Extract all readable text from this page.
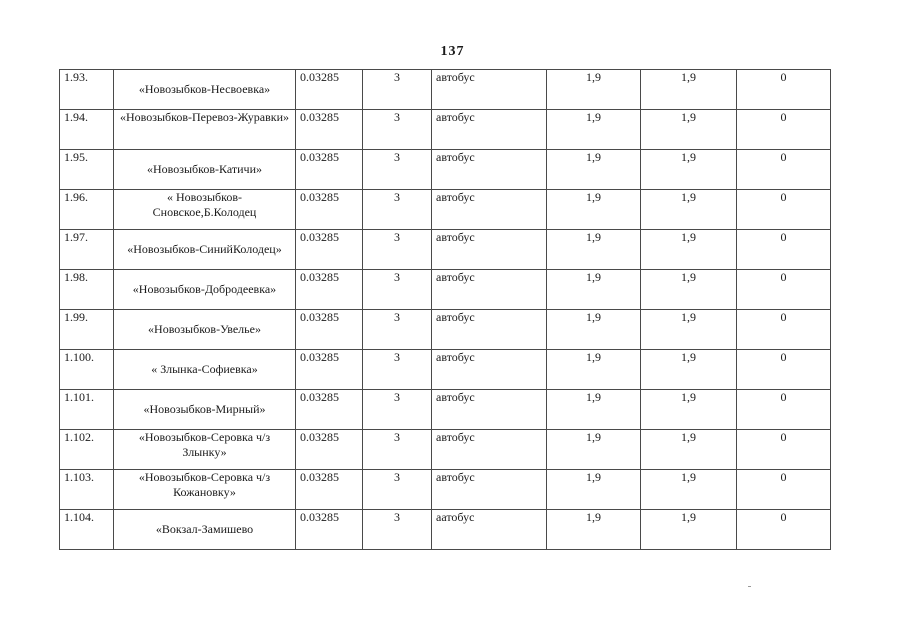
137
1.93.	«Новозыбков-Несвоевка»	0.03285	3	автобус	1,9	1,9	0
1.94.	«Новозыбков-Перевоз-Журавки»	0.03285	3	автобус	1,9	1,9	0
1.95.	«Новозыбков-Катичи»	0.03285	3	автобус	1,9	1,9	0
1.96.	« Новозыбков-Сновское,Б.Колодец	0.03285	3	автобус	1,9	1,9	0
1.97.	«Новозыбков-СинийКолодец»	0.03285	3	автобус	1,9	1,9	0
1.98.	«Новозыбков-Добродеевка»	0.03285	3	автобус	1,9	1,9	0
1.99.	«Новозыбков-Увелье»	0.03285	3	автобус	1,9	1,9	0
1.100.	« Злынка-Софиевка»	0.03285	3	автобус	1,9	1,9	0
1.101.	«Новозыбков-Мирный»	0.03285	3	автобус	1,9	1,9	0
1.102.	«Новозыбков-Серовка ч/з Злынку»	0.03285	3	автобус	1,9	1,9	0
1.103.	«Новозыбков-Серовка ч/з Кожановку»	0.03285	3	автобус	1,9	1,9	0
1.104.	«Вокзал-Замишево	0.03285	3	аатобус	1,9	1,9	0
